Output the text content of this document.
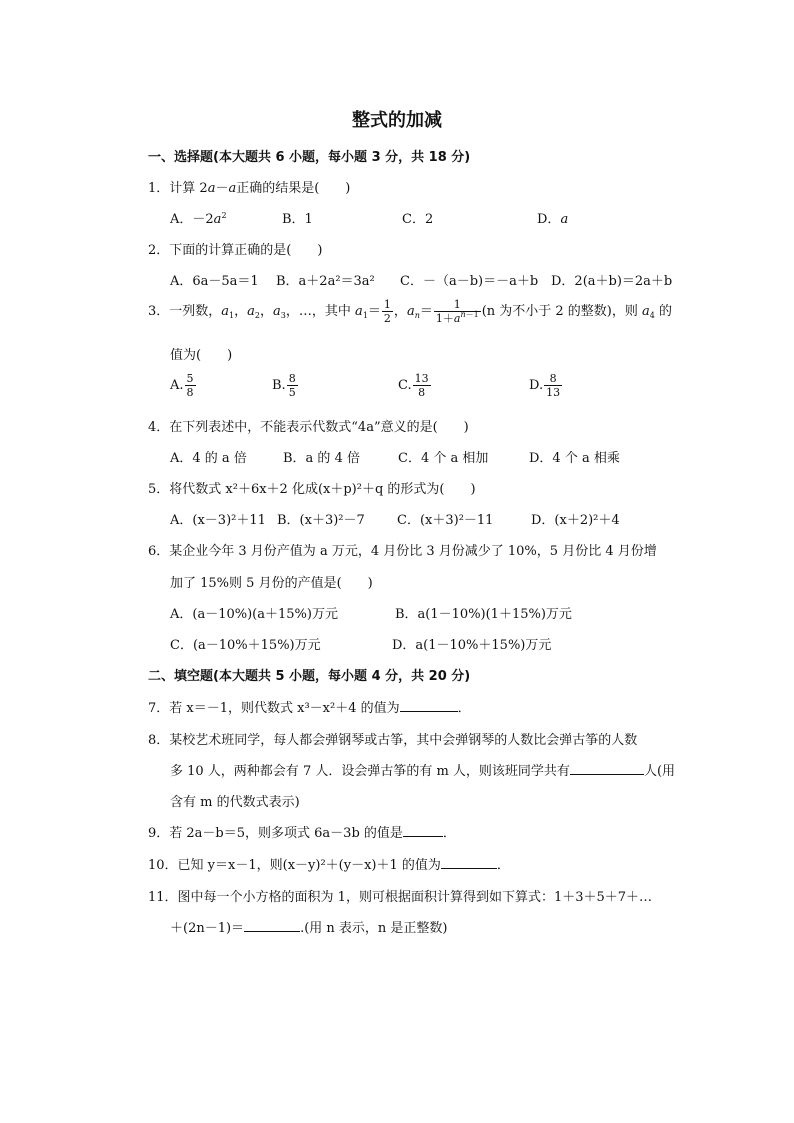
整式的加减
一、选择题(本大题共 6 小题，每小题 3 分，共 18 分)
1．计算 2a－a正确的结果是(　　)
A．$-2a^2$	B．1	C．2	D．a
2．下面的计算正确的是(　　)
A．6a－5a＝1 B．a＋2a²＝3a² C．－（a－b)＝－a＋b D．2(a＋b)＝2a＋b
3．一列数，$a_1$，$a_2$，$a_3$，…，其中 $a_1= \frac{1}{2}$ ，$a_n= \frac{1}{1+a^{n-1}} (n$ 为不小于 2 的整数)，则 $a_4$ 的
值为(　　)
A. $\frac{5}{8}$	B. $\frac{8}{5}$	C. $\frac{13}{8}$	D. $\frac{8}{13}$
4．在下列表述中，不能表示代数式“4a”意义的是(　　)
A．4 的 a 倍	B．a 的 4 倍	C．4 个 a 相加	D．4 个 a 相乘
5．将代数式 x²＋6x＋2 化成(x＋p)²＋q 的形式为(　　)
A．(x－3)²＋11 B．(x＋3)²－7 C．(x＋3)²－11	D．(x＋2)²＋4
6．某企业今年 3 月份产值为 a 万元，4 月份比 3 月份减少了 10%，5 月份比 4 月份增
加了 15%则 5 月份的产值是(　　)
A．(a－10%)(a＋15%)万元	B．a(1－10%)(1＋15%)万元
C．(a－10%＋15%)万元	D．a(1－10%＋15%)万元
二、填空题(本大题共 5 小题，每小题 4 分，共 20 分)
7．若 x＝－1，则代数式 x³－x²＋4 的值为	．
8．某校艺术班同学，每人都会弹钢琴或古筝，其中会弹钢琴的人数比会弹古筝的人数
多 10 人，两种都会有 7 人．设会弹古筝的有 m 人，则该班同学共有	人(用
含有 m 的代数式表示)
9．若 2a－b＝5，则多项式 6a－3b 的值是	．
10．已知 y＝x－1，则(x－y)²＋(y－x)＋1 的值为	．
11．图中每一个小方格的面积为 1，则可根据面积计算得到如下算式：1＋3＋5＋7＋…
＋(2n－1)＝	.(用 n 表示，n 是正整数)
